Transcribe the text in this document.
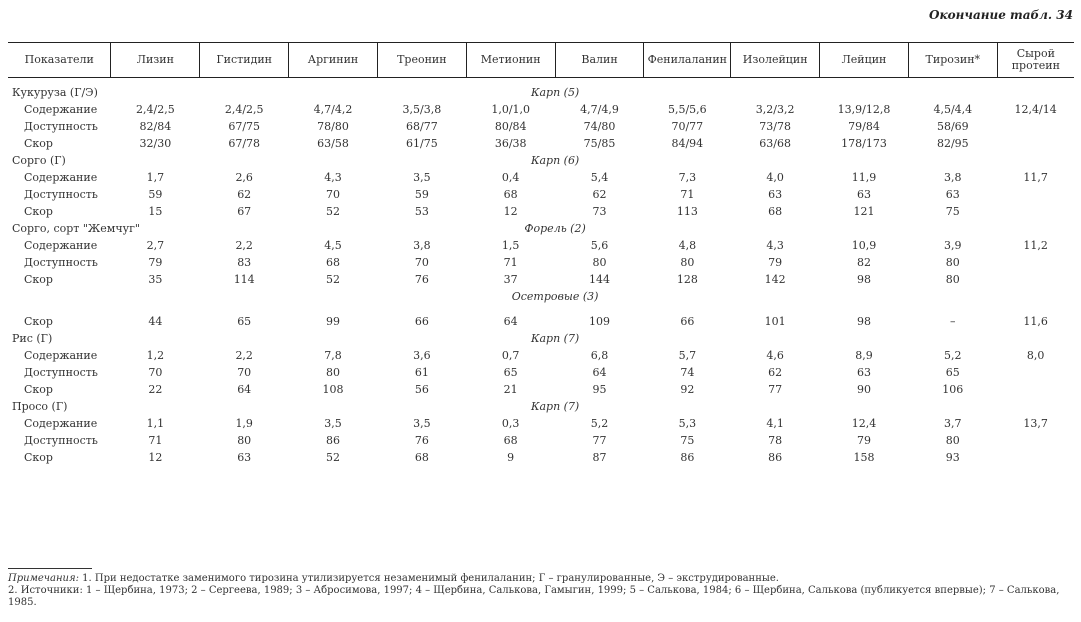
Окончание табл. 34
Показатели	Лизин	Гистидин	Аргинин	Треонин	Метионин	Валин	Фенилаланин	Изолейцин	Лейцин	Тирозин*	Сырой протеин

Кукуруза (Г/Э)					Карп (5)						
Содержание	2,4/2,5	2,4/2,5	4,7/4,2	3,5/3,8	1,0/1,0	4,7/4,9	5,5/5,6	3,2/3,2	13,9/12,8	4,5/4,4	12,4/14
Доступность	82/84	67/75	78/80	68/77	80/84	74/80	70/77	73/78	79/84	58/69	
Скор	32/30	67/78	63/58	61/75	36/38	75/85	84/94	63/68	178/173	82/95	
Сорго (Г)					Карп (6)						
Содержание	1,7	2,6	4,3	3,5	0,4	5,4	7,3	4,0	11,9	3,8	11,7
Доступность	59	62	70	59	68	62	71	63	63	63	
Скор	15	67	52	53	12	73	113	68	121	75	
Сорго, сорт "Жемчуг"					Форель (2)						
Содержание	2,7	2,2	4,5	3,8	1,5	5,6	4,8	4,3	10,9	3,9	11,2
Доступность	79	83	68	70	71	80	80	79	82	80	
Скор	35	114	52	76	37	144	128	142	98	80	
					Осетровые (3)						

Скор	44	65	99	66	64	109	66	101	98	–	11,6
Рис (Г)					Карп (7)						
Содержание	1,2	2,2	7,8	3,6	0,7	6,8	5,7	4,6	8,9	5,2	8,0
Доступность	70	70	80	61	65	64	74	62	63	65	
Скор	22	64	108	56	21	95	92	77	90	106	
Просо (Г)					Карп (7)						
Содержание	1,1	1,9	3,5	3,5	0,3	5,2	5,3	4,1	12,4	3,7	13,7
Доступность	71	80	86	76	68	77	75	78	79	80	
Скор	12	63	52	68	9	87	86	86	158	93	
Примечания: 1. При недостатке заменимого тирозина утилизируется незаменимый фенилаланин; Г – гранулированные, Э – экструдированные.
2. Источники: 1 – Щербина, 1973; 2 – Сергеева, 1989; 3 – Абросимова, 1997; 4 – Щербина, Салькова, Гамыгин, 1999; 5 – Салькова, 1984; 6 – Щербина, Салькова (публикуется впервые); 7 – Салькова, 1985.
